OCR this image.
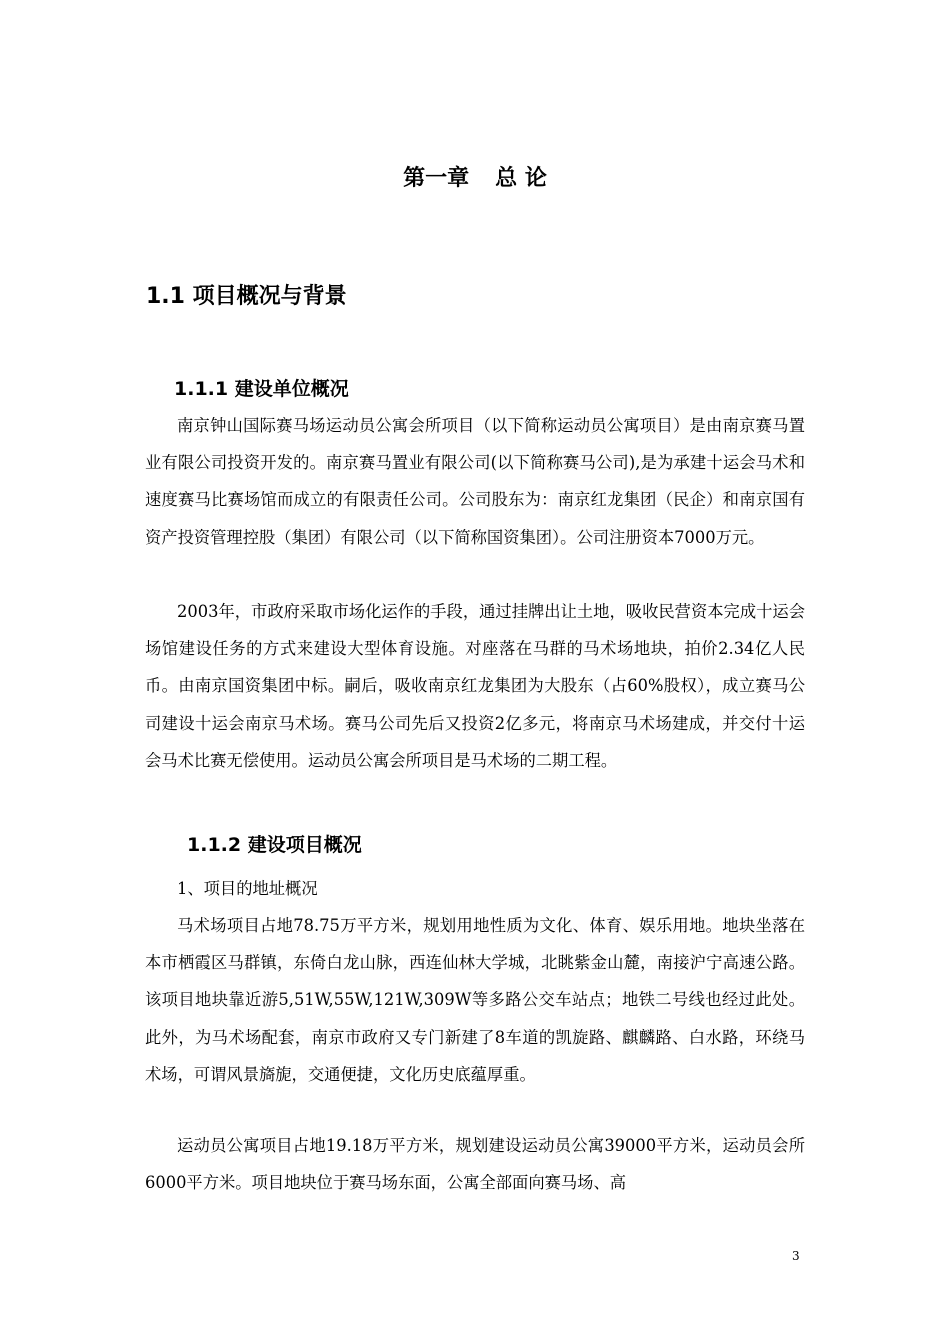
第一章 总 论
1.1 项目概况与背景
1.1.1 建设单位概况

南京钟山国际赛马场运动员公寓会所项目（以下简称运动员公寓项目）是由南京赛马置业有限公司投资开发的。南京赛马置业有限公司(以下简称赛马公司),是为承建十运会马术和速度赛马比赛场馆而成立的有限责任公司。公司股东为：南京红龙集团（民企）和南京国有资产投资管理控股（集团）有限公司（以下简称国资集团）。公司注册资本7000万元。

2003年，市政府采取市场化运作的手段，通过挂牌出让土地，吸收民营资本完成十运会场馆建设任务的方式来建设大型体育设施。对座落在马群的马术场地块，拍价2.34亿人民币。由南京国资集团中标。嗣后，吸收南京红龙集团为大股东（占60%股权），成立赛马公司建设十运会南京马术场。赛马公司先后又投资2亿多元，将南京马术场建成，并交付十运会马术比赛无偿使用。运动员公寓会所项目是马术场的二期工程。

1.1.2 建设项目概况

1、项目的地址概况

马术场项目占地78.75万平方米，规划用地性质为文化、体育、娱乐用地。地块坐落在本市栖霞区马群镇，东倚白龙山脉，西连仙林大学城，北眺紫金山麓，南接沪宁高速公路。该项目地块靠近游5,51W,55W,121W,309W等多路公交车站点；地铁二号线也经过此处。此外，为马术场配套，南京市政府又专门新建了8车道的凯旋路、麒麟路、白水路，环绕马术场，可谓风景旖旎，交通便捷，文化历史底蕴厚重。

运动员公寓项目占地19.18万平方米，规划建设运动员公寓39000平方米，运动员会所6000平方米。项目地块位于赛马场东面，公寓全部面向赛马场、高

3
